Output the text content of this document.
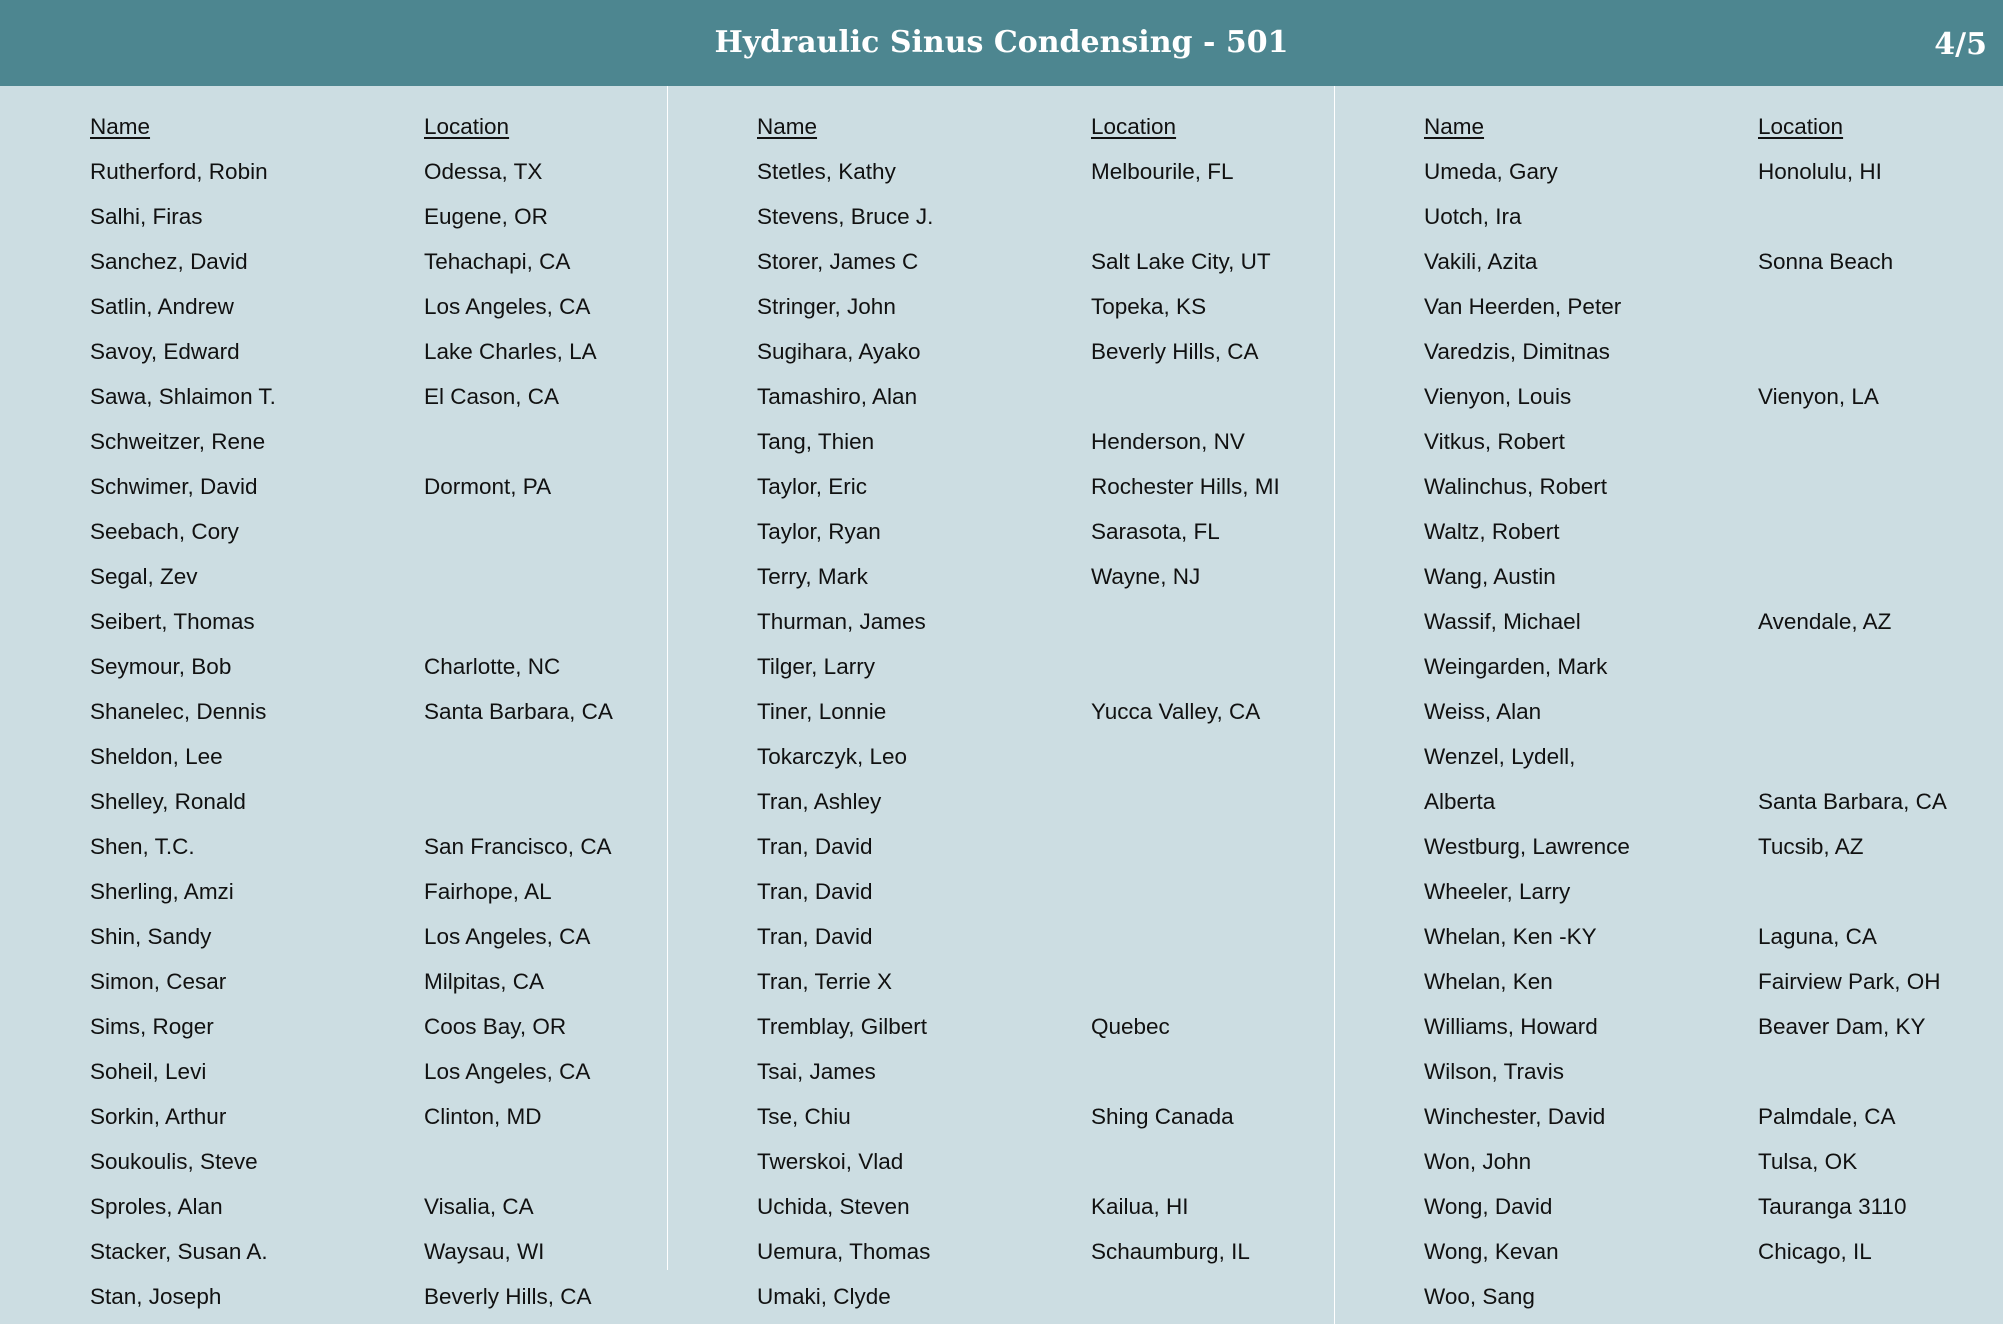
Hydraulic Sinus Condensing - 501	4/5
Name	Location
Rutherford, Robin	Odessa, TX
Salhi, Firas	Eugene, OR
Sanchez, David	Tehachapi, CA
Satlin, Andrew	Los Angeles, CA
Savoy, Edward	Lake Charles, LA
Sawa, Shlaimon T.	El Cason, CA
Schweitzer, Rene
Schwimer, David	Dormont, PA
Seebach, Cory
Segal, Zev
Seibert, Thomas
Seymour, Bob	Charlotte, NC
Shanelec, Dennis	Santa Barbara, CA
Sheldon, Lee
Shelley, Ronald
Shen, T.C.	San Francisco, CA
Sherling, Amzi	Fairhope, AL
Shin, Sandy	Los Angeles, CA
Simon, Cesar	Milpitas, CA
Sims, Roger	Coos Bay, OR
Soheil, Levi	Los Angeles, CA
Sorkin, Arthur	Clinton, MD
Soukoulis, Steve
Sproles, Alan	Visalia, CA
Stacker, Susan A.	Waysau, WI
Stan, Joseph	Beverly Hills, CA
Name	Location
Stetles, Kathy	Melbourile, FL
Stevens, Bruce J.
Storer, James C	Salt Lake City, UT
Stringer, John	Topeka, KS
Sugihara, Ayako	Beverly Hills, CA
Tamashiro, Alan
Tang, Thien	Henderson, NV
Taylor, Eric	Rochester Hills, MI
Taylor, Ryan	Sarasota, FL
Terry, Mark	Wayne, NJ
Thurman, James
Tilger, Larry
Tiner, Lonnie	Yucca Valley, CA
Tokarczyk, Leo
Tran, Ashley
Tran, David
Tran, David
Tran, David
Tran, Terrie X
Tremblay, Gilbert	Quebec
Tsai, James
Tse, Chiu	Shing Canada
Twerskoi, Vlad
Uchida, Steven	Kailua, HI
Uemura, Thomas	Schaumburg, IL
Umaki, Clyde
Name	Location
Umeda, Gary	Honolulu, HI
Uotch, Ira
Vakili, Azita	Sonna Beach
Van Heerden, Peter
Varedzis, Dimitnas
Vienyon, Louis	Vienyon, LA
Vitkus, Robert
Walinchus, Robert
Waltz, Robert
Wang, Austin
Wassif, Michael	Avendale, AZ
Weingarden, Mark
Weiss, Alan
Wenzel, Lydell,
Alberta	Santa Barbara, CA
Westburg, Lawrence	Tucsib, AZ
Wheeler, Larry
Whelan, Ken -KY	Laguna, CA
Whelan, Ken	Fairview Park, OH
Williams, Howard	Beaver Dam, KY
Wilson, Travis
Winchester, David	Palmdale, CA
Won, John	Tulsa, OK
Wong, David	Tauranga 3110
Wong, Kevan	Chicago, IL
Woo, Sang
